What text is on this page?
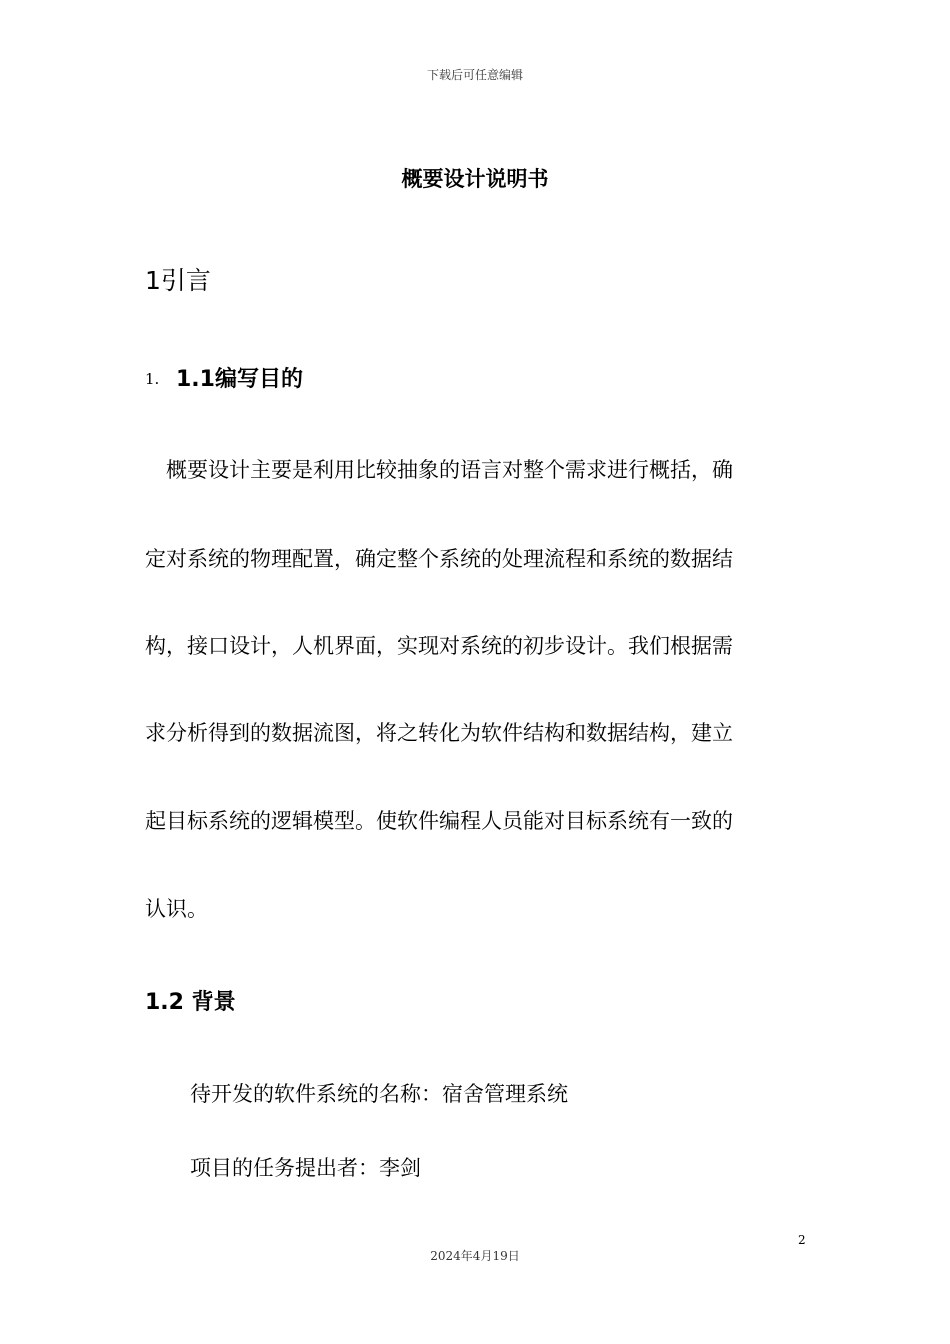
下载后可任意编辑
概要设计说明书
1引言
1. 1.1编写目的
　概要设计主要是利用比较抽象的语言对整个需求进行概括，确
定对系统的物理配置，确定整个系统的处理流程和系统的数据结
构，接口设计，人机界面，实现对系统的初步设计。我们根据需
求分析得到的数据流图，将之转化为软件结构和数据结构，建立
起目标系统的逻辑模型。使软件编程人员能对目标系统有一致的
认识。
1.2 背景
待开发的软件系统的名称：宿舍管理系统
项目的任务提出者：李剑
2
2024年4月19日
